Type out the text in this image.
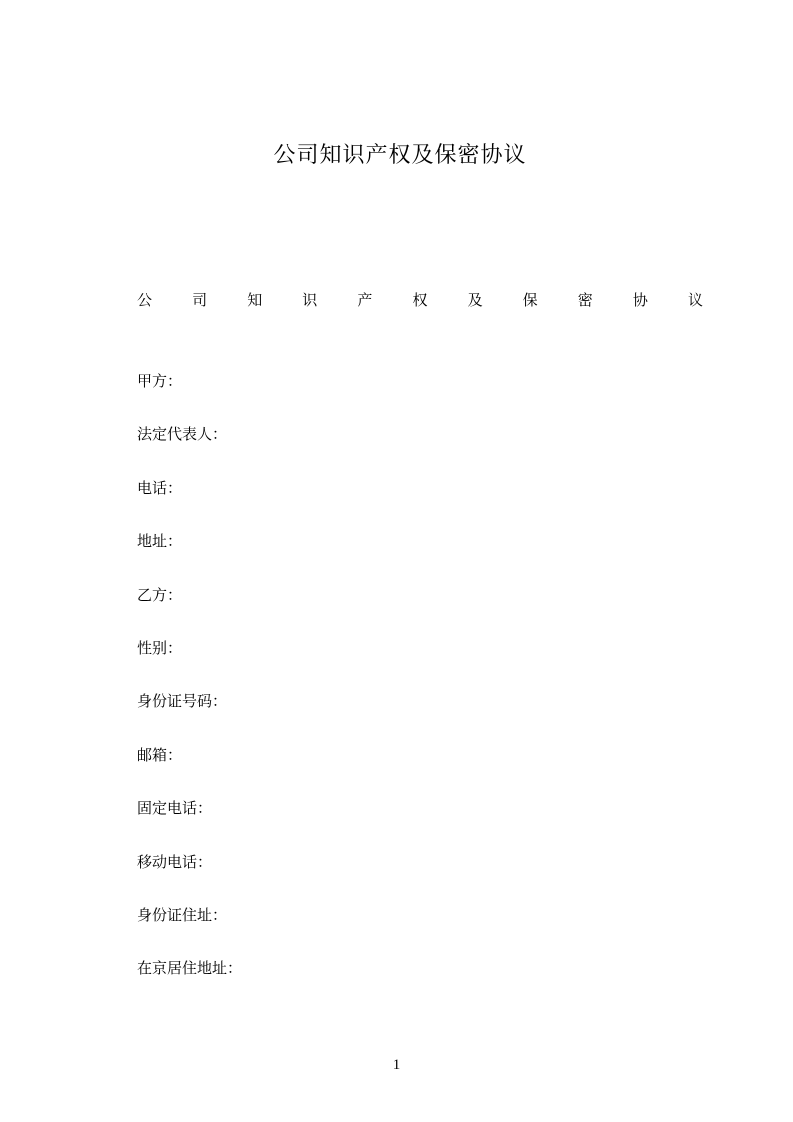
公司知识产权及保密协议
公	司	知	识	产	权	及	保	密	协	议
甲方：
法定代表人：
电话：
地址：
乙方：
性别：
身份证号码：
邮箱：
固定电话：
移动电话：
身份证住址：
在京居住地址：
1
